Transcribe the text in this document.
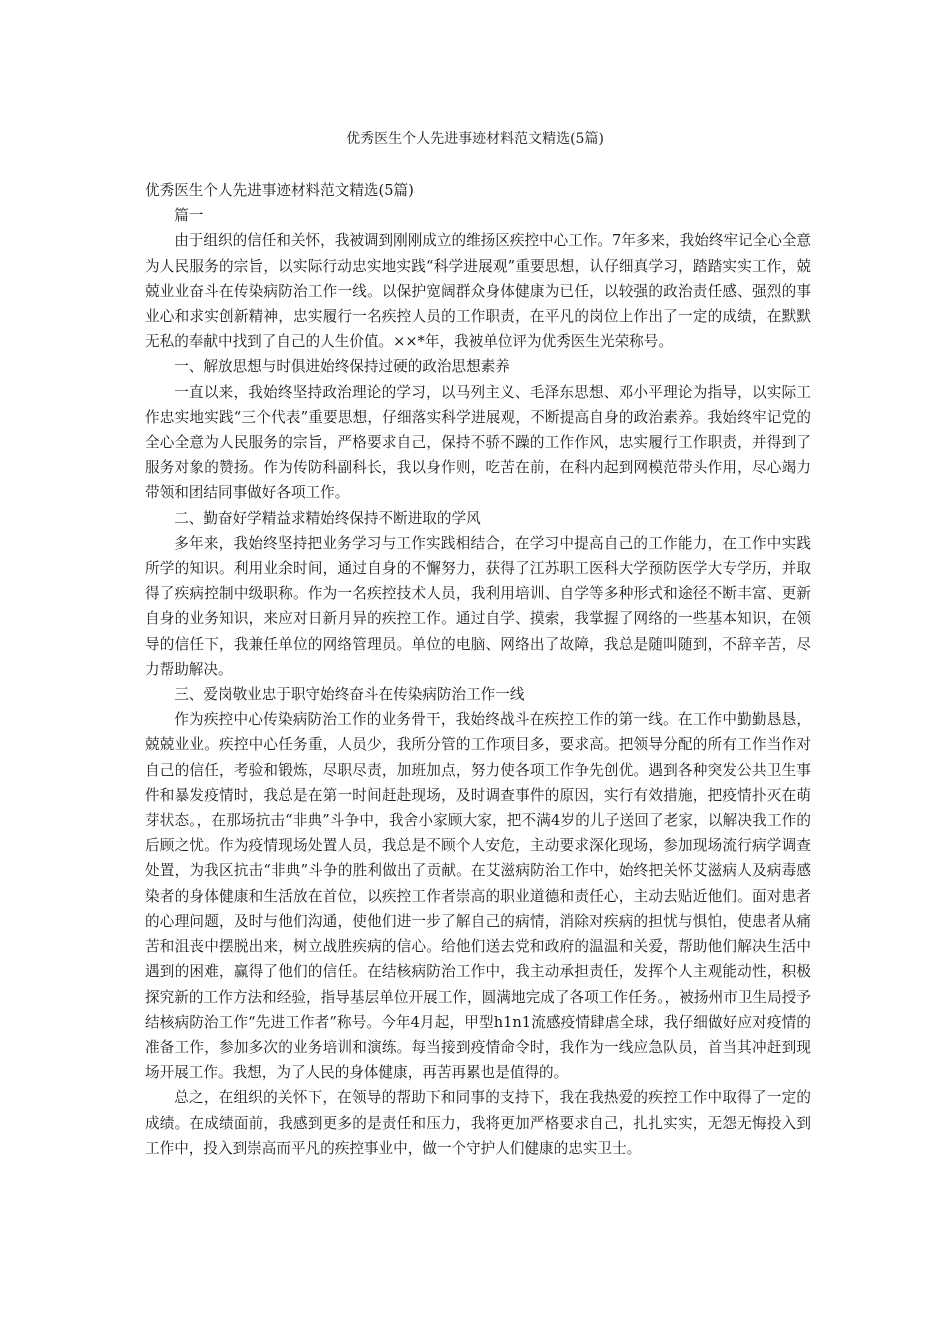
优秀医生个人先进事迹材料范文精选(5篇)

优秀医生个人先进事迹材料范文精选(5篇)

篇一

由于组织的信任和关怀，我被调到刚刚成立的维扬区疾控中心工作。7年多来，我始终牢记全心全意为人民服务的宗旨，以实际行动忠实地实践“科学进展观”重要思想，认仔细真学习，踏踏实实工作，兢兢业业奋斗在传染病防治工作一线。以保护宽阔群众身体健康为已任，以较强的政治责任感、强烈的事业心和求实创新精神，忠实履行一名疾控人员的工作职责，在平凡的岗位上作出了一定的成绩，在默默无私的奉献中找到了自己的人生价值。××*年，我被单位评为优秀医生光荣称号。

一、解放思想与时俱进始终保持过硬的政治思想素养

一直以来，我始终坚持政治理论的学习，以马列主义、毛泽东思想、邓小平理论为指导，以实际工作忠实地实践“三个代表”重要思想，仔细落实科学进展观，不断提高自身的政治素养。我始终牢记党的全心全意为人民服务的宗旨，严格要求自己，保持不骄不躁的工作作风，忠实履行工作职责，并得到了服务对象的赞扬。作为传防科副科长，我以身作则，吃苦在前，在科内起到网模范带头作用，尽心竭力带领和团结同事做好各项工作。

二、勤奋好学精益求精始终保持不断进取的学风

多年来，我始终坚持把业务学习与工作实践相结合，在学习中提高自己的工作能力，在工作中实践所学的知识。利用业余时间，通过自身的不懈努力，获得了江苏职工医科大学预防医学大专学历，并取得了疾病控制中级职称。作为一名疾控技术人员，我利用培训、自学等多种形式和途径不断丰富、更新自身的业务知识，来应对日新月异的疾控工作。通过自学、摸索，我掌握了网络的一些基本知识，在领导的信任下，我兼任单位的网络管理员。单位的电脑、网络出了故障，我总是随叫随到，不辞辛苦，尽力帮助解决。

三、爱岗敬业忠于职守始终奋斗在传染病防治工作一线

作为疾控中心传染病防治工作的业务骨干，我始终战斗在疾控工作的第一线。在工作中勤勤恳恳，兢兢业业。疾控中心任务重，人员少，我所分管的工作项目多，要求高。把领导分配的所有工作当作对自己的信任，考验和锻炼，尽职尽责，加班加点，努力使各项工作争先创优。遇到各种突发公共卫生事件和暴发疫情时，我总是在第一时间赶赴现场，及时调查事件的原因，实行有效措施，把疫情扑灭在萌芽状态。，在那场抗击“非典”斗争中，我舍小家顾大家，把不满4岁的儿子送回了老家，以解决我工作的后顾之忧。作为疫情现场处置人员，我总是不顾个人安危，主动要求深化现场，参加现场流行病学调查处置，为我区抗击“非典”斗争的胜利做出了贡献。在艾滋病防治工作中，始终把关怀艾滋病人及病毒感染者的身体健康和生活放在首位，以疾控工作者崇高的职业道德和责任心，主动去贴近他们。面对患者的心理问题，及时与他们沟通，使他们进一步了解自己的病情，消除对疾病的担忧与惧怕，使患者从痛苦和沮丧中摆脱出来，树立战胜疾病的信心。给他们送去党和政府的温温和关爱，帮助他们解决生活中遇到的困难，赢得了他们的信任。在结核病防治工作中，我主动承担责任，发挥个人主观能动性，积极探究新的工作方法和经验，指导基层单位开展工作，圆满地完成了各项工作任务。，被扬州市卫生局授予结核病防治工作“先进工作者”称号。今年4月起，甲型h1n1流感疫情肆虐全球，我仔细做好应对疫情的准备工作，参加多次的业务培训和演练。每当接到疫情命令时，我作为一线应急队员，首当其冲赶到现场开展工作。我想，为了人民的身体健康，再苦再累也是值得的。

总之，在组织的关怀下，在领导的帮助下和同事的支持下，我在我热爱的疾控工作中取得了一定的成绩。在成绩面前，我感到更多的是责任和压力，我将更加严格要求自己，扎扎实实，无怨无悔投入到工作中，投入到崇高而平凡的疾控事业中，做一个守护人们健康的忠实卫士。
